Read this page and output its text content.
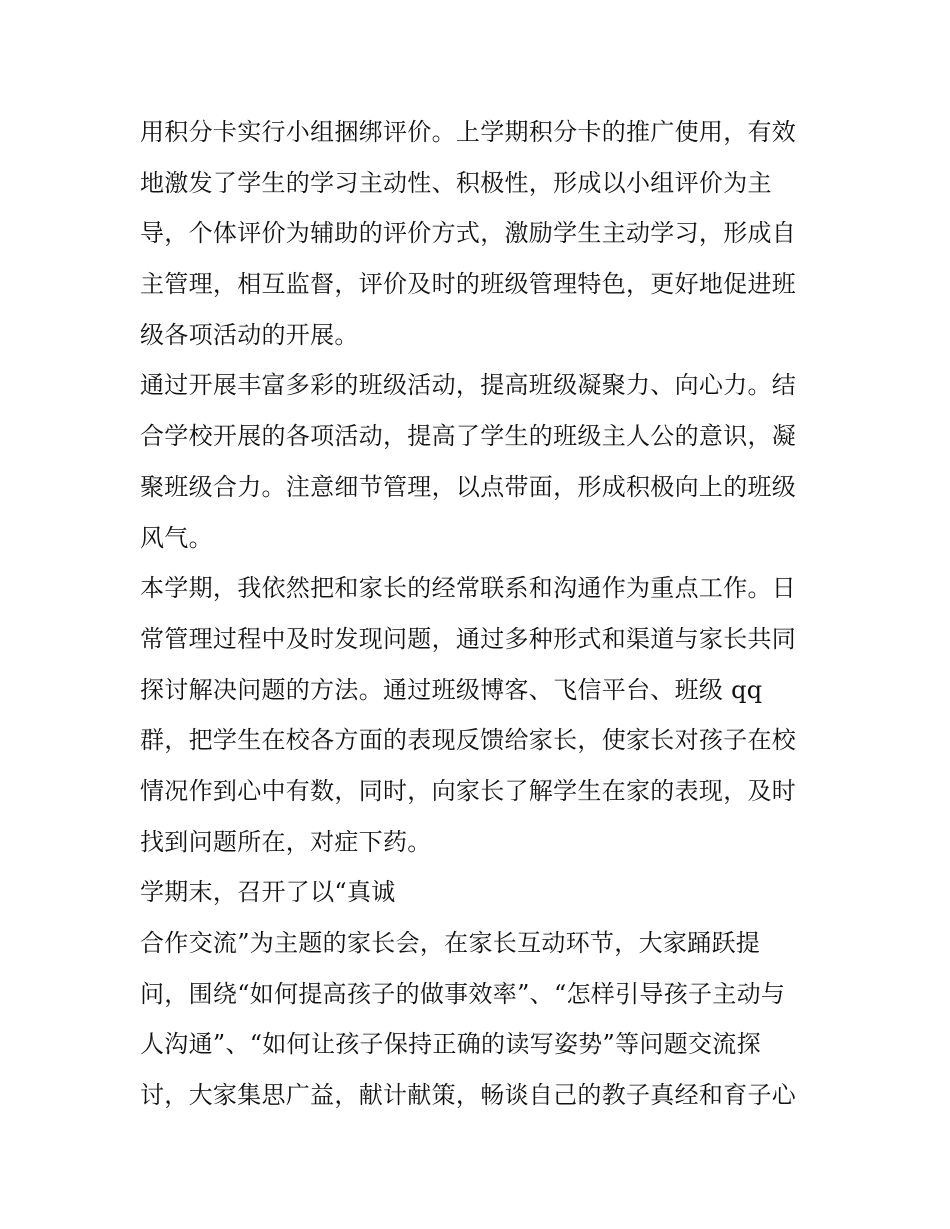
用积分卡实行小组捆绑评价。上学期积分卡的推广使用，有效
地激发了学生的学习主动性、积极性，形成以小组评价为主
导，个体评价为辅助的评价方式，激励学生主动学习，形成自
主管理，相互监督，评价及时的班级管理特色，更好地促进班
级各项活动的开展。
通过开展丰富多彩的班级活动，提高班级凝聚力、向心力。结
合学校开展的各项活动，提高了学生的班级主人公的意识，凝
聚班级合力。注意细节管理，以点带面，形成积极向上的班级
风气。
本学期，我依然把和家长的经常联系和沟通作为重点工作。日
常管理过程中及时发现问题，通过多种形式和渠道与家长共同
探讨解决问题的方法。通过班级博客、飞信平台、班级 qq
群，把学生在校各方面的表现反馈给家长，使家长对孩子在校
情况作到心中有数，同时，向家长了解学生在家的表现，及时
找到问题所在，对症下药。
学期末，召开了以“真诚
合作交流”为主题的家长会，在家长互动环节，大家踊跃提
问，围绕“如何提高孩子的做事效率”、“怎样引导孩子主动与
人沟通”、“如何让孩子保持正确的读写姿势”等问题交流探
讨，大家集思广益，献计献策，畅谈自己的教子真经和育子心
